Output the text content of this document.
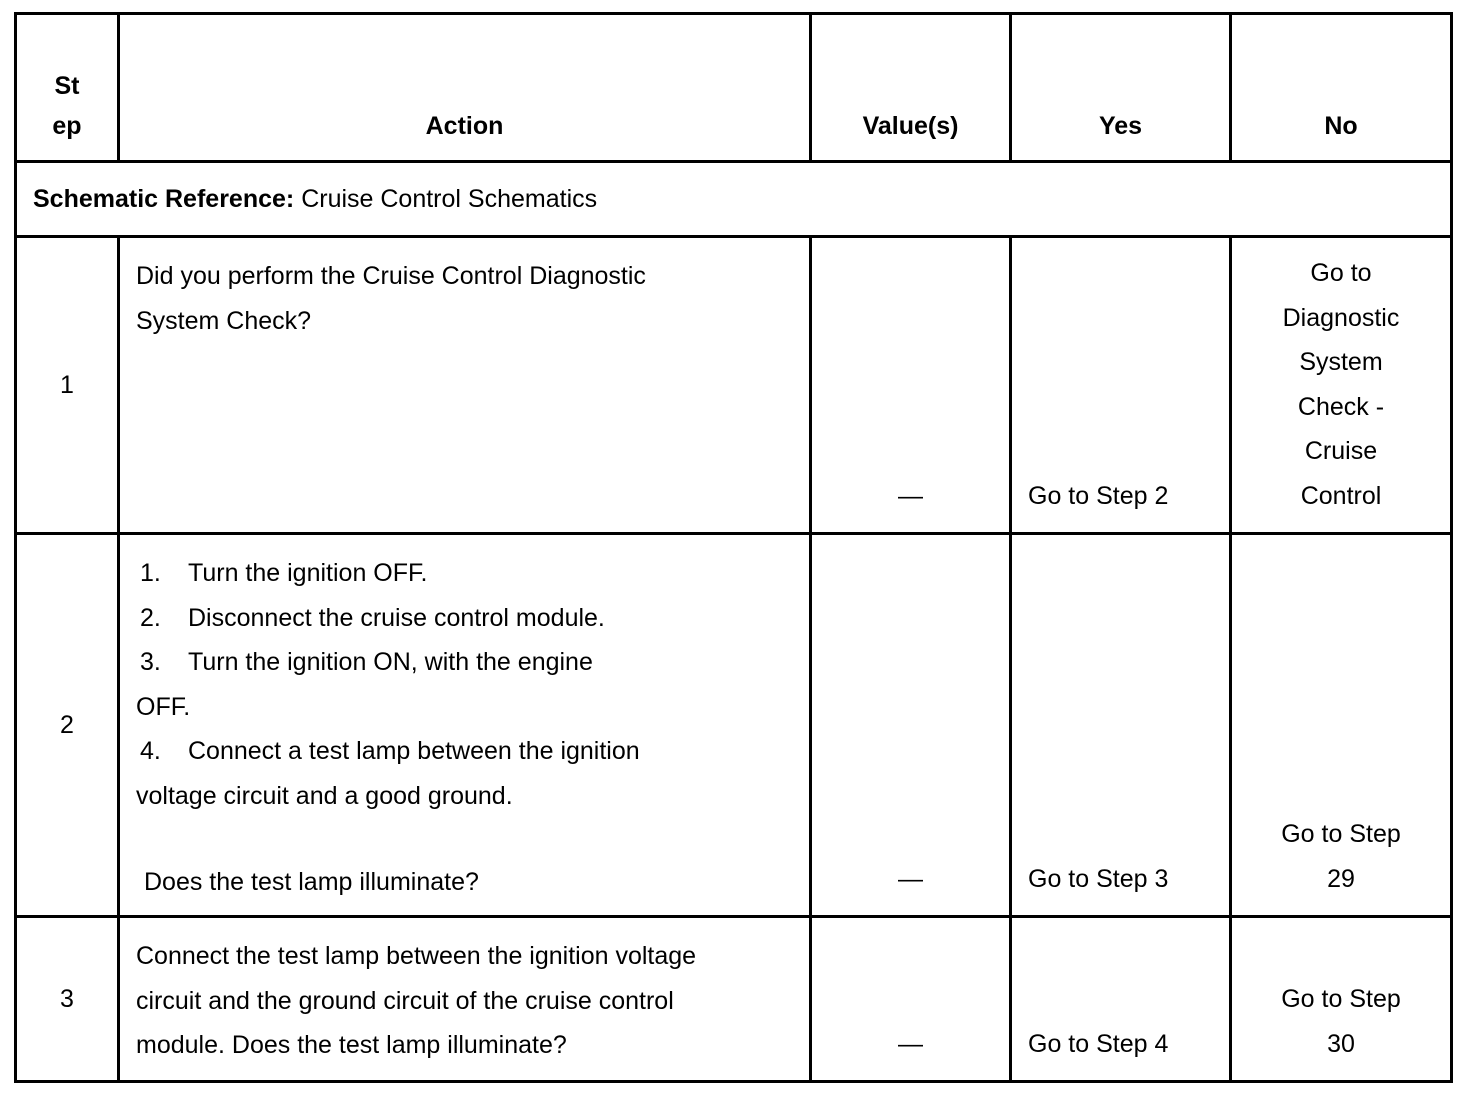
St ep	Action	Value(s)	Yes	No
Schematic Reference: Cruise Control Schematics				
1	Did you perform the Cruise Control Diagnostic System Check?	—	Go to Step 2	Go to Diagnostic System Check - Cruise Control

2	1. Turn the ignition OFF.
2. Disconnect the cruise control module.
3. Turn the ignition ON, with the engine OFF.
4. Connect a test lamp between the ignition voltage circuit and a good ground.
Does the test lamp illuminate?	—	Go to Step 3	Go to Step 29

3	Connect the test lamp between the ignition voltage circuit and the ground circuit of the cruise control module. Does the test lamp illuminate?	—	Go to Step 4	Go to Step 30
